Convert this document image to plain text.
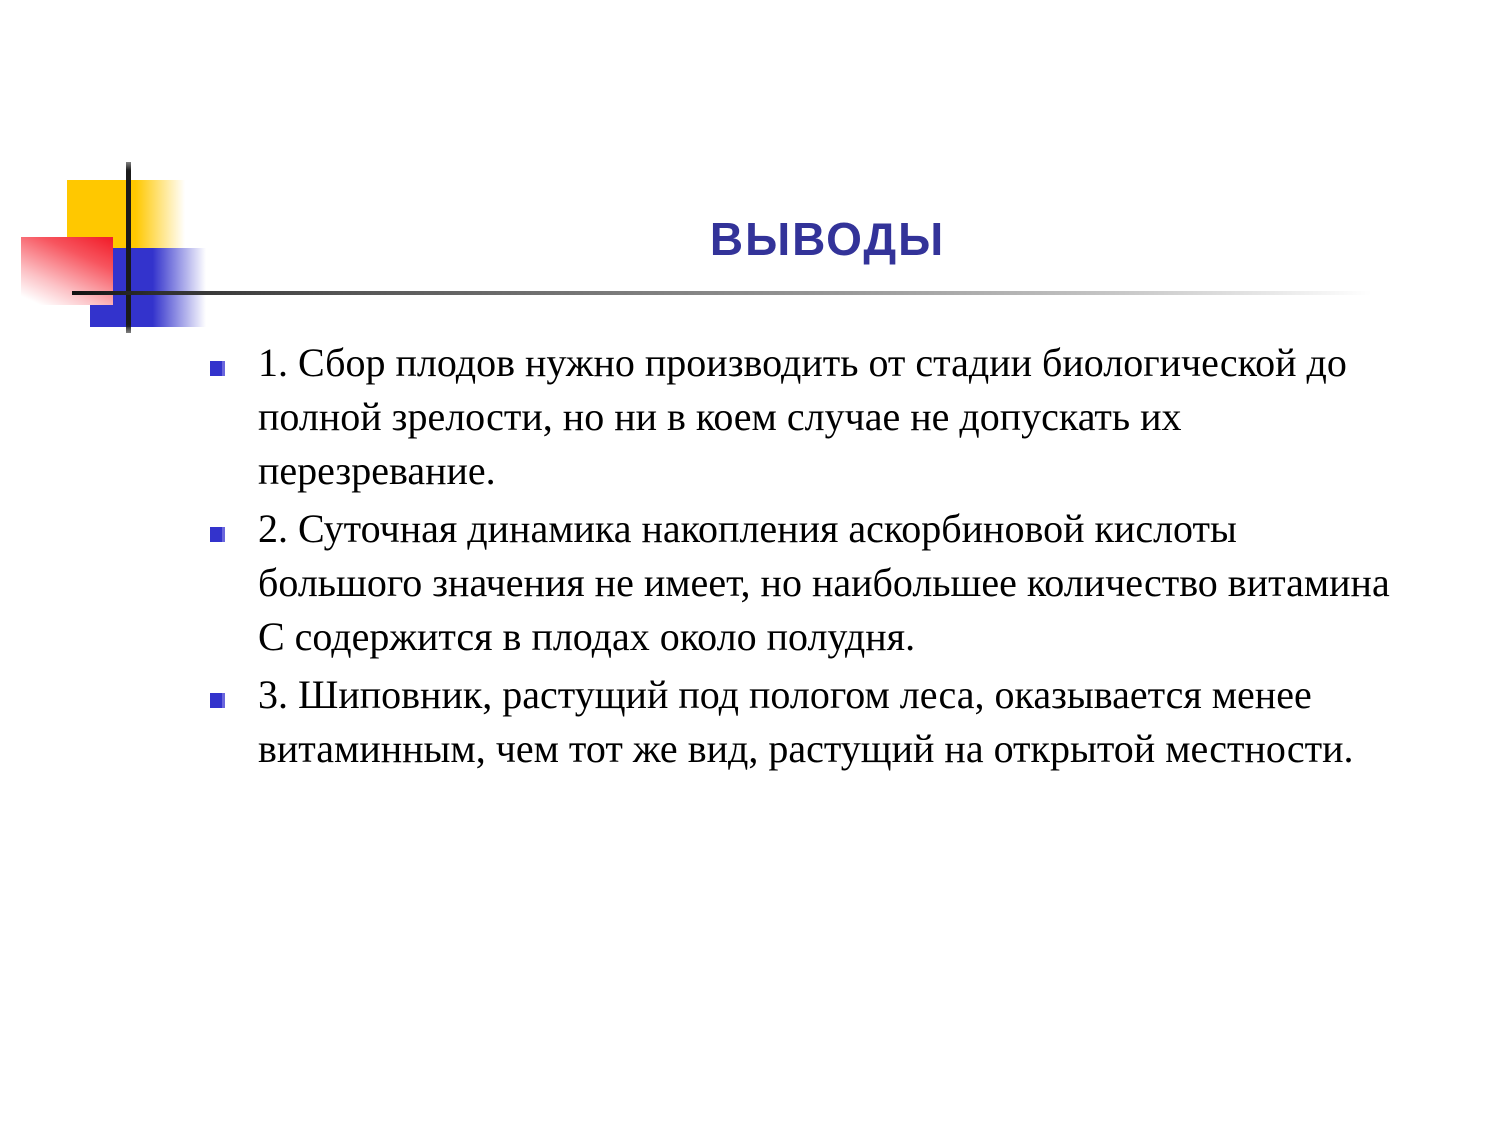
ВЫВОДЫ
1. Сбор плодов нужно производить от стадии биологической до
полной зрелости, но ни в коем случае не допускать их
перезревание.
2. Суточная динамика накопления аскорбиновой кислоты
большого значения не имеет, но наибольшее количество витамина
С содержится в плодах около полудня.
3. Шиповник, растущий под пологом леса, оказывается менее
витаминным, чем тот же вид, растущий на открытой местности.
